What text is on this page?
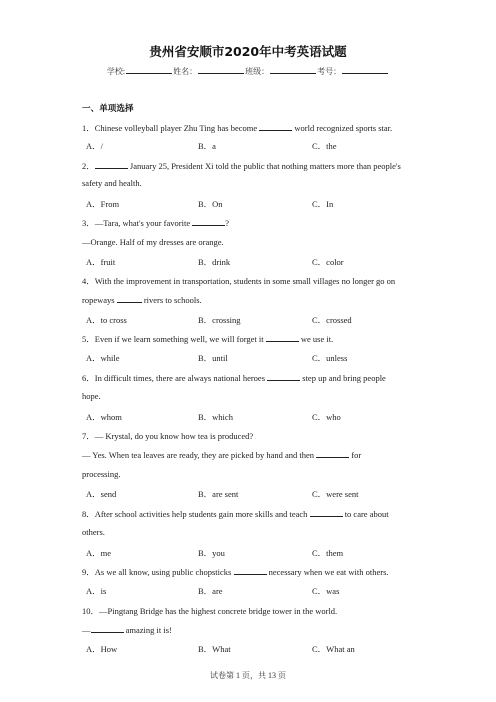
贵州省安顺市2020年中考英语试题
学校:	姓名：	班级：	考号：
一、单项选择
1．Chinese volleyball player Zhu Ting has become	world recognized sports star.
A．/	B．a	C．the
2．	January 25, President Xi told the public that nothing matters more than people's
safety and health.
A．From	B．On	C．In
3．—Tara, what's your favorite	?
—Orange. Half of my dresses are orange.
A．fruit	B．drink	C．color
4．With the improvement in transportation, students in some small villages no longer go on
ropeways	rivers to schools.
A．to cross	B．crossing	C．crossed
5．Even if we learn something well, we will forget it	we use it.
A．while	B．until	C．unless
6．In difficult times, there are always national heroes	step up and bring people
hope.
A．whom	B．which	C．who
7．— Krystal, do you know how tea is produced?
— Yes. When tea leaves are ready, they are picked by hand and then	for
processing.
A．send	B．are sent	C．were sent
8．After school activities help students gain more skills and teach	to care about
others.
A．me	B．you	C．them
9．As we all know, using public chopsticks	necessary when we eat with others.
A．is	B．are	C．was
10．—Pingtang Bridge has the highest concrete bridge tower in the world.
—	amazing it is!
A．How	B．What	C．What an
试卷第 1 页，共 13 页
